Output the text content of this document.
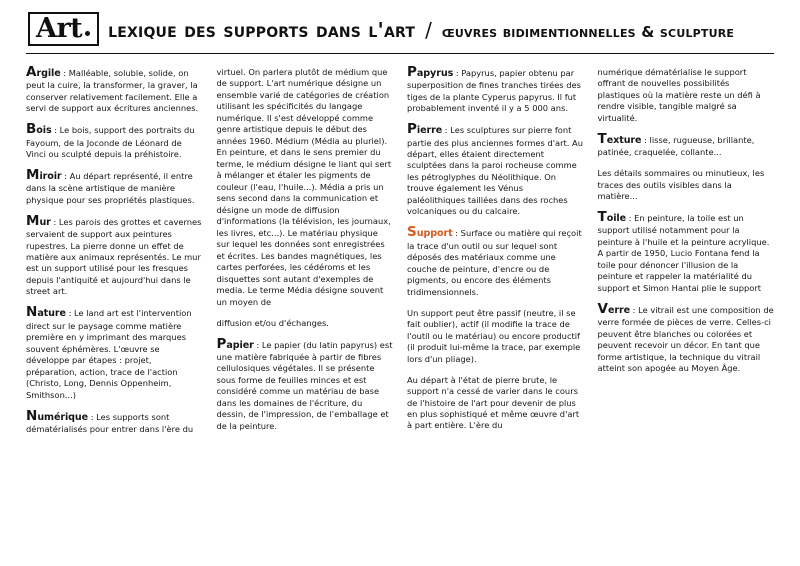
Art	lexique des supports dans l'art / œuvres bidimentionnelles & sculpture

Argile : Malléable, soluble, solide, on peut la cuire, la transformer, la graver, la conserver relativement facilement. Elle a servi de support aux écritures anciennes.

Bois : Le bois, support des portraits du Fayoum, de la Joconde de Léonard de Vinci ou sculpté depuis la préhistoire.

Miroir : Au départ représenté, il entre dans la scène artistique de manière physique pour ses propriétés plastiques.

Mur : Les parois des grottes et cavernes servaient de support aux peintures rupestres. La pierre donne un effet de matière aux animaux représentés. Le mur est un support utilisé pour les fresques depuis l'antiquité et aujourd'hui dans le street art.

Nature : Le land art est l'intervention direct sur le paysage comme matière première en y imprimant des marques souvent éphémères. L'œuvre se développe par étapes : projet, préparation, action, trace de l'action (Christo, Long, Dennis Oppenheim, Smithson...)

Numérique : Les supports sont dématérialisés pour entrer dans l'ère du

virtuel. On parlera plutôt de médium que de support. L'art numérique désigne un ensemble varié de catégories de création utilisant les spécificités du langage numérique. Il s'est développé comme genre artistique depuis le début des années 1960. Médium (Média au pluriel). En peinture, et dans le sens premier du terme, le médium désigne le liant qui sert à mélanger et étaler les pigments de couleur (l'eau, l'huile...). Média a pris un sens second dans la communication et désigne un mode de diffusion d'informations (la télévision, les journaux, les livres, etc...). Le matériau physique sur lequel les données sont enregistrées et écrites. Les bandes magnétiques, les cartes perforées, les cédéroms et les disquettes sont autant d'exemples de media. Le terme Média désigne souvent un moyen de

diffusion et/ou d'échanges.

Papier : Le papier (du latin papyrus) est une matière fabriquée à partir de fibres cellulosiques végétales. Il se présente sous forme de feuilles minces et est considéré comme un matériau de base dans les domaines de l'écriture, du dessin, de l'impression, de l'emballage et de la peinture.

Papyrus : Papyrus, papier obtenu par superposition de fines tranches tirées des tiges de la plante Cyperus papyrus. Il fut probablement inventé il y a 5 000 ans.

Pierre : Les sculptures sur pierre font partie des plus anciennes formes d'art. Au départ, elles étaient directement sculptées dans la paroi rocheuse comme les pétroglyphes du Néolithique. On trouve également les Vénus paléolithiques taillées dans des roches volcaniques ou du calcaire.

Support : Surface ou matière qui reçoit la trace d'un outil ou sur lequel sont déposés des matériaux comme une couche de peinture, d'encre ou de pigments, ou encore des éléments tridimensionnels.

Un support peut être passif (neutre, il se fait oublier), actif (il modifie la trace de l'outil ou le matériau) ou encore productif (il produit lui-même la trace, par exemple lors d'un pliage).

Au départ à l'état de pierre brute, le support n'a cessé de varier dans le cours de l'histoire de l'art pour devenir de plus en plus sophistiqué et même œuvre d'art à part entière. L'ère du

numérique dématérialise le support offrant de nouvelles possibilités plastiques où la matière reste un défi à rendre visible, tangible malgré sa virtualité.

Texture : lisse, rugueuse, brillante, patinée, craquelée, collante...

Les détails sommaires ou minutieux, les traces des outils visibles dans la matière...

Toile : En peinture, la toile est un support utilisé notamment pour la peinture à l'huile et la peinture acrylique. A partir de 1950, Lucio Fontana fend la toile pour dénoncer l'illusion de la peinture et rappeler la matérialité du support et Simon Hantai plie le support

Verre : Le vitrail est une composition de verre formée de pièces de verre. Celles-ci peuvent être blanches ou colorées et peuvent recevoir un décor. En tant que forme artistique, la technique du vitrail atteint son apogée au Moyen Âge.
